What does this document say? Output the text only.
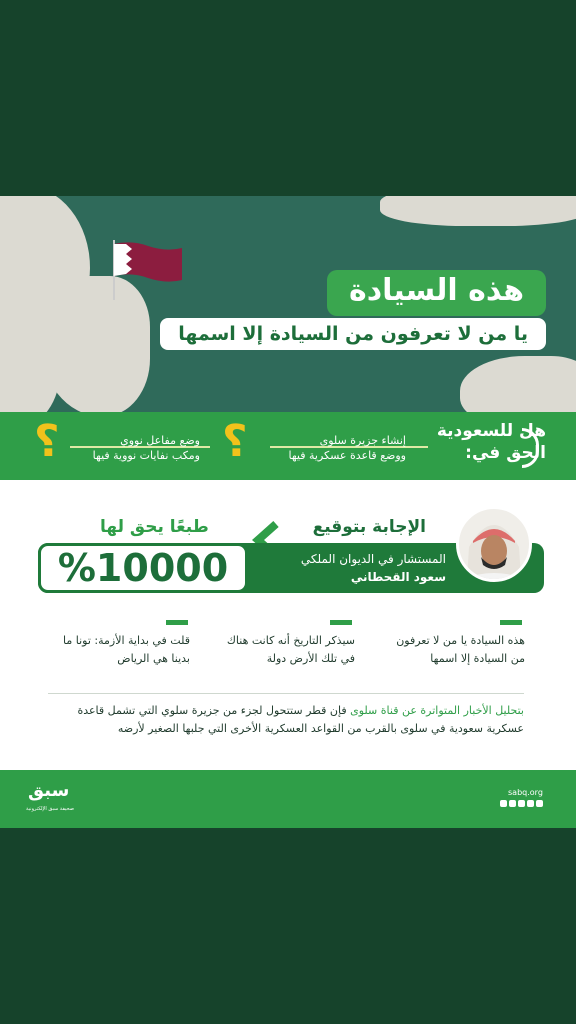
هذه السيادة
يا من لا تعرفون من السيادة إلا اسمها
هل للسعودية
الحق في:
إنشاء جزيرة سلوى
ووضع قاعدة عسكرية فيها
؟
وضع مفاعل نووي
ومكب نفايات نووية فيها
؟
الإجابة بتوقيع
طبعًا يحق لها
%10000	المستشار في الديوان الملكي
سعود القحطاني
هذه السيادة يا من لا تعرفون من السيادة إلا اسمها
سيذكر التاريخ أنه كانت هناك في تلك الأرض دولة
قلت في بداية الأزمة: تونا ما بدينا هي الرياض
بتحليل الأخبار المتواترة عن قناة سلوى فإن قطر ستتحول لجزء من جزيرة سلوي التي تشمل قاعدة عسكرية سعودية في سلوى بالقرب من القواعد العسكرية الأخرى التي جلبها الصغير لأرضه
سبق
صحيفة سبق الإلكترونية
sabq.org
